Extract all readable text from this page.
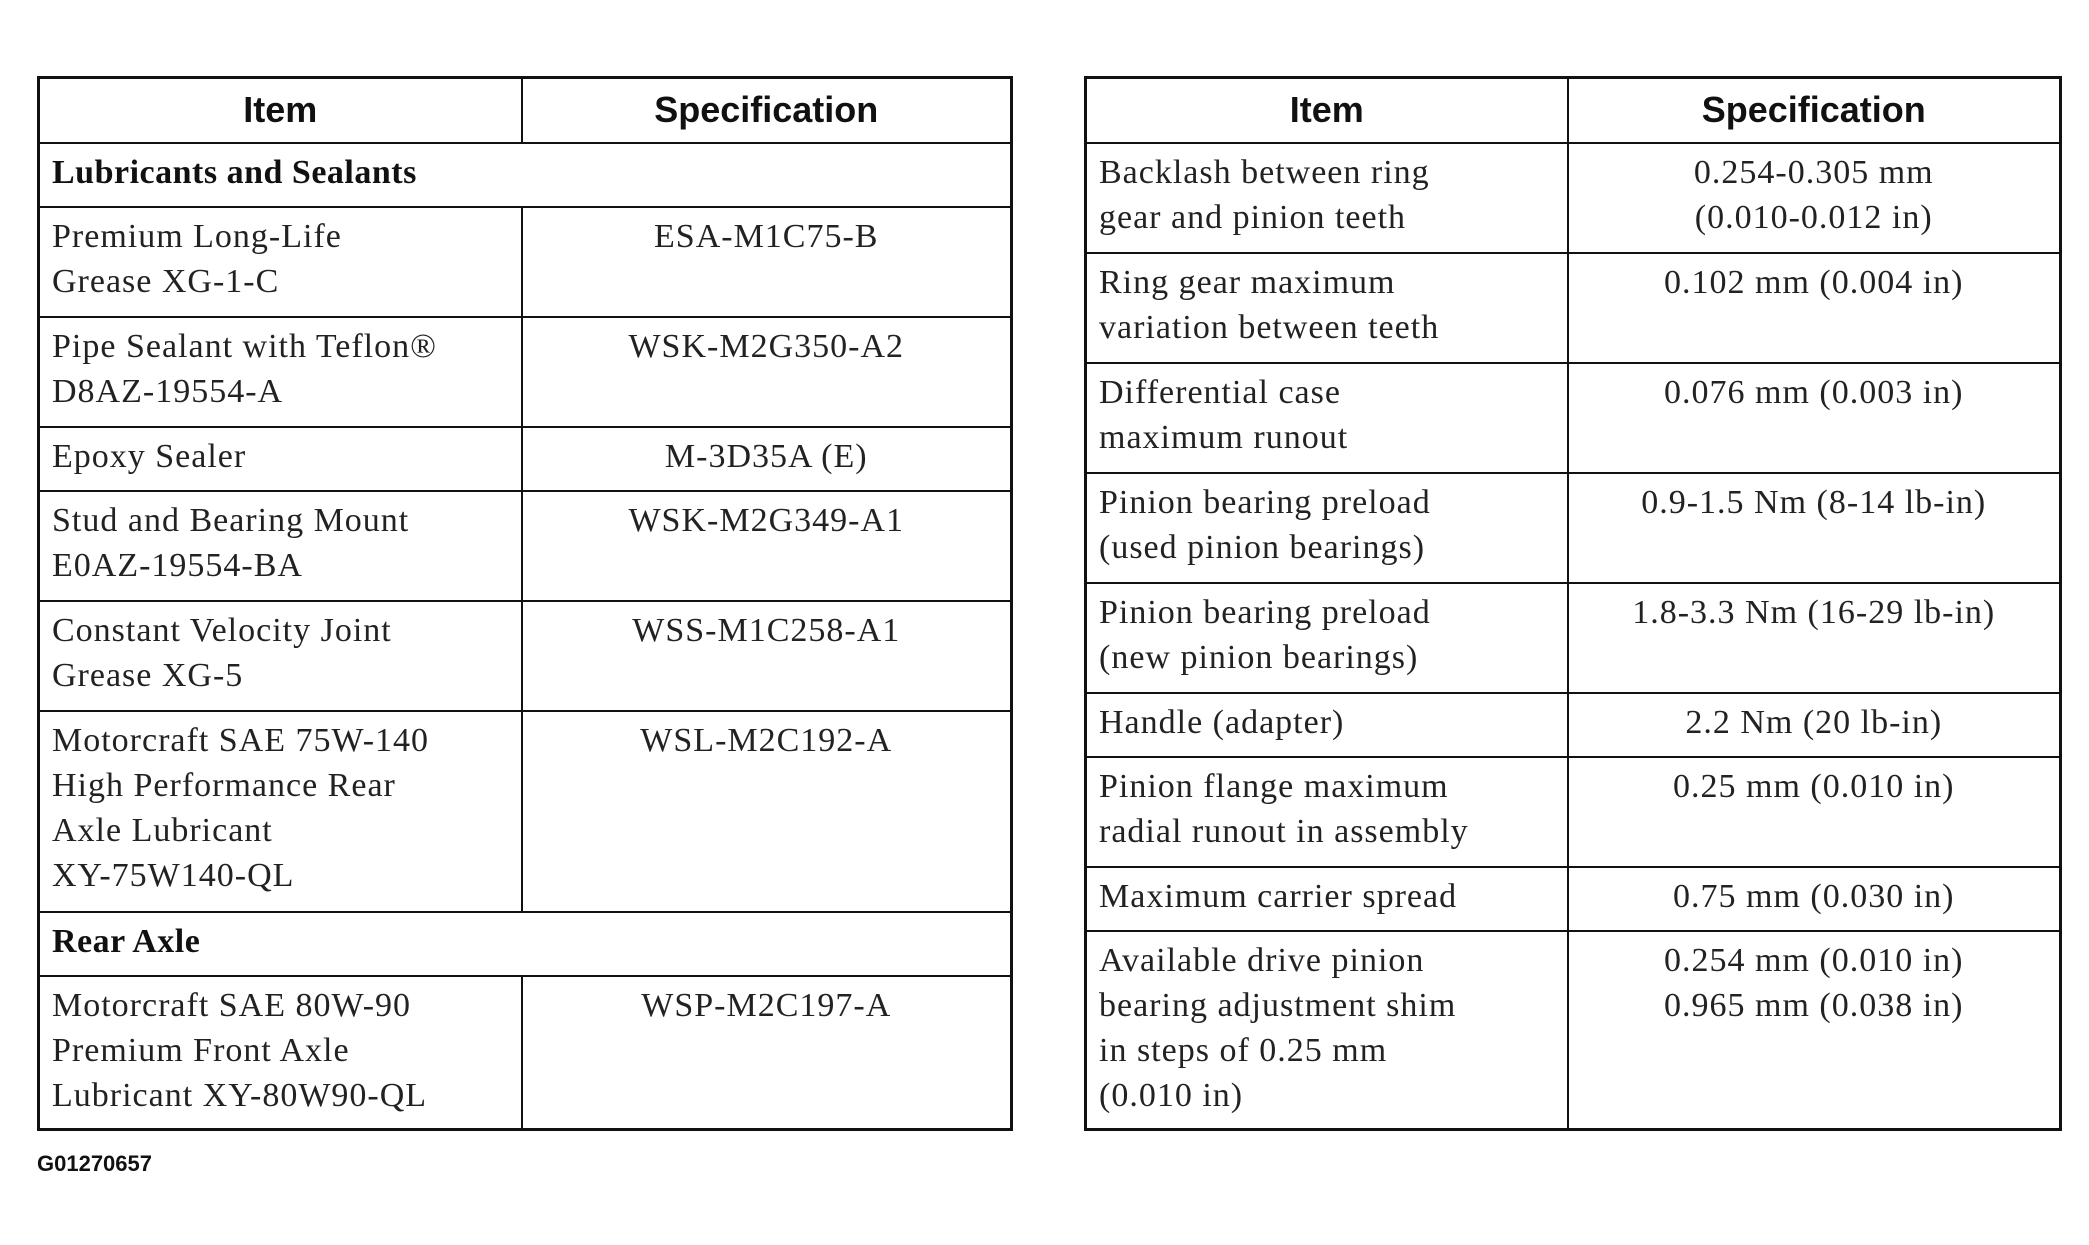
Item	Specification
Lubricants and Sealants	
Premium Long-Life
Grease XG-1-C	ESA-M1C75-B
Pipe Sealant with Teflon®
D8AZ-19554-A	WSK-M2G350-A2
Epoxy Sealer	M-3D35A (E)
Stud and Bearing Mount
E0AZ-19554-BA	WSK-M2G349-A1
Constant Velocity Joint
Grease XG-5	WSS-M1C258-A1
Motorcraft SAE 75W-140
High Performance Rear
Axle Lubricant
XY-75W140-QL	WSL-M2C192-A
Rear Axle	
Motorcraft SAE 80W-90
Premium Front Axle
Lubricant XY-80W90-QL	WSP-M2C197-A
Item	Specification
Backlash between ring
gear and pinion teeth	0.254-0.305 mm
(0.010-0.012 in)
Ring gear maximum
variation between teeth	0.102 mm (0.004 in)
Differential case
maximum runout	0.076 mm (0.003 in)
Pinion bearing preload
(used pinion bearings)	0.9-1.5 Nm (8-14 lb-in)
Pinion bearing preload
(new pinion bearings)	1.8-3.3 Nm (16-29 lb-in)
Handle (adapter)	2.2 Nm (20 lb-in)
Pinion flange maximum
radial runout in assembly	0.25 mm (0.010 in)
Maximum carrier spread	0.75 mm (0.030 in)
Available drive pinion
bearing adjustment shim
in steps of 0.25 mm
(0.010 in)	0.254 mm (0.010 in)
0.965 mm (0.038 in)
G01270657
